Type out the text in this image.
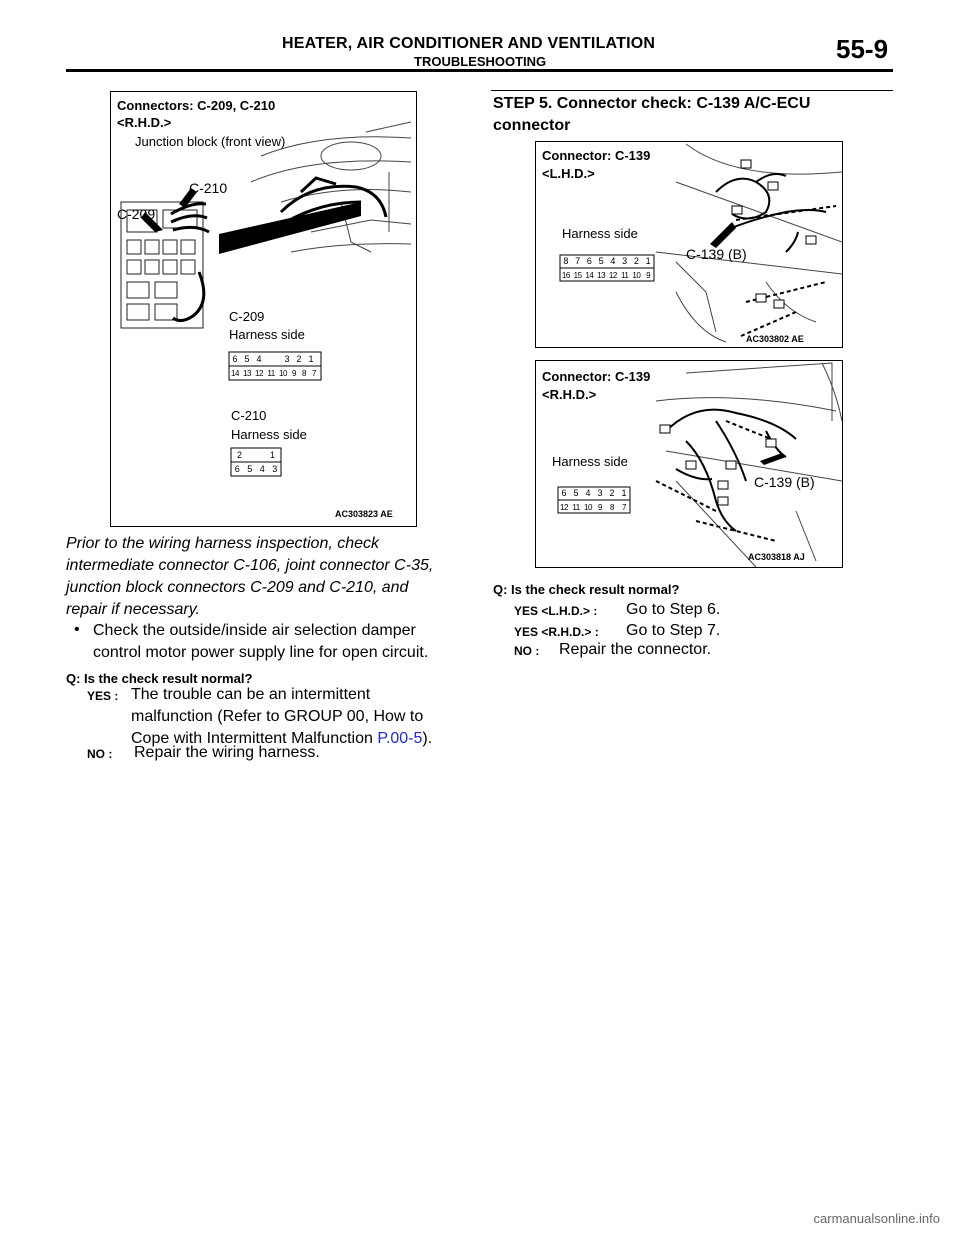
HEATER, AIR CONDITIONER AND VENTILATION
TROUBLESHOOTING	55-9
Connectors: C-209, C-210
<R.H.D.>
Junction block (front view)
C-210
C-209
C-209
Harness side
6 5 4	3 2 1
14 13 12 11 10 9 8 7
C-210
Harness side
2	1
6 5 4 3
AC303823 AE
Prior to the wiring harness inspection, check
intermediate connector C-106, joint connector C-35,
junction block connectors C-209 and C-210, and
repair if necessary.
• Check the outside/inside air selection damper
control motor power supply line for open circuit.
Q: Is the check result normal?
YES : The trouble can be an intermittent
malfunction (Refer to GROUP 00, How to
Cope with Intermittent Malfunction P.00-5).
NO : Repair the wiring harness.
STEP 5. Connector check: C-139 A/C-ECU
connector
Connector: C-139
<L.H.D.>
Harness side
C-139 (B)
8 7 6 5 4 3 2 1
16 15 14 13 12 11 10 9
AC303802 AE
Connector: C-139
<R.H.D.>
Harness side
C-139 (B)
6 5 4 3 2 1
12 11 10 9	8	7
AC303818 AJ
Q: Is the check result normal?
YES <L.H.D.> : Go to Step 6.
YES <R.H.D.> : Go to Step 7.
NO : Repair the connector.
carmanualsonline.info
